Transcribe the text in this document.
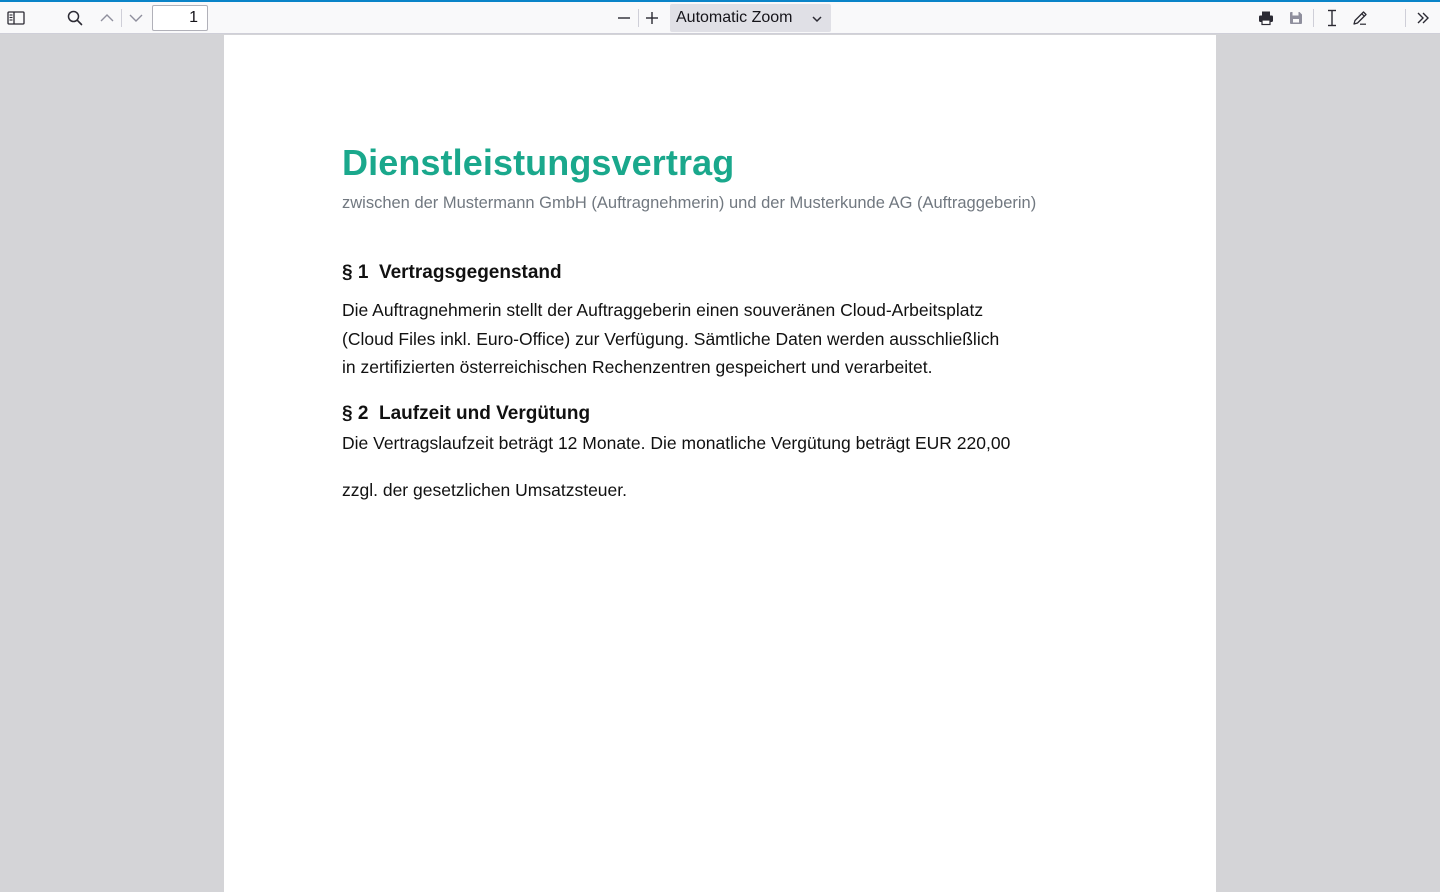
1
Automatic Zoom
Dienstleistungsvertrag
zwischen der Mustermann GmbH (Auftragnehmerin) und der Musterkunde AG (Auftraggeberin)
§ 1  Vertragsgegenstand
Die Auftragnehmerin stellt der Auftraggeberin einen souveränen Cloud-Arbeitsplatz
(Cloud Files inkl. Euro-Office) zur Verfügung. Sämtliche Daten werden ausschließlich
in zertifizierten österreichischen Rechenzentren gespeichert und verarbeitet.
§ 2  Laufzeit und Vergütung
Die Vertragslaufzeit beträgt 12 Monate. Die monatliche Vergütung beträgt EUR 220,00
zzgl. der gesetzlichen Umsatzsteuer.
